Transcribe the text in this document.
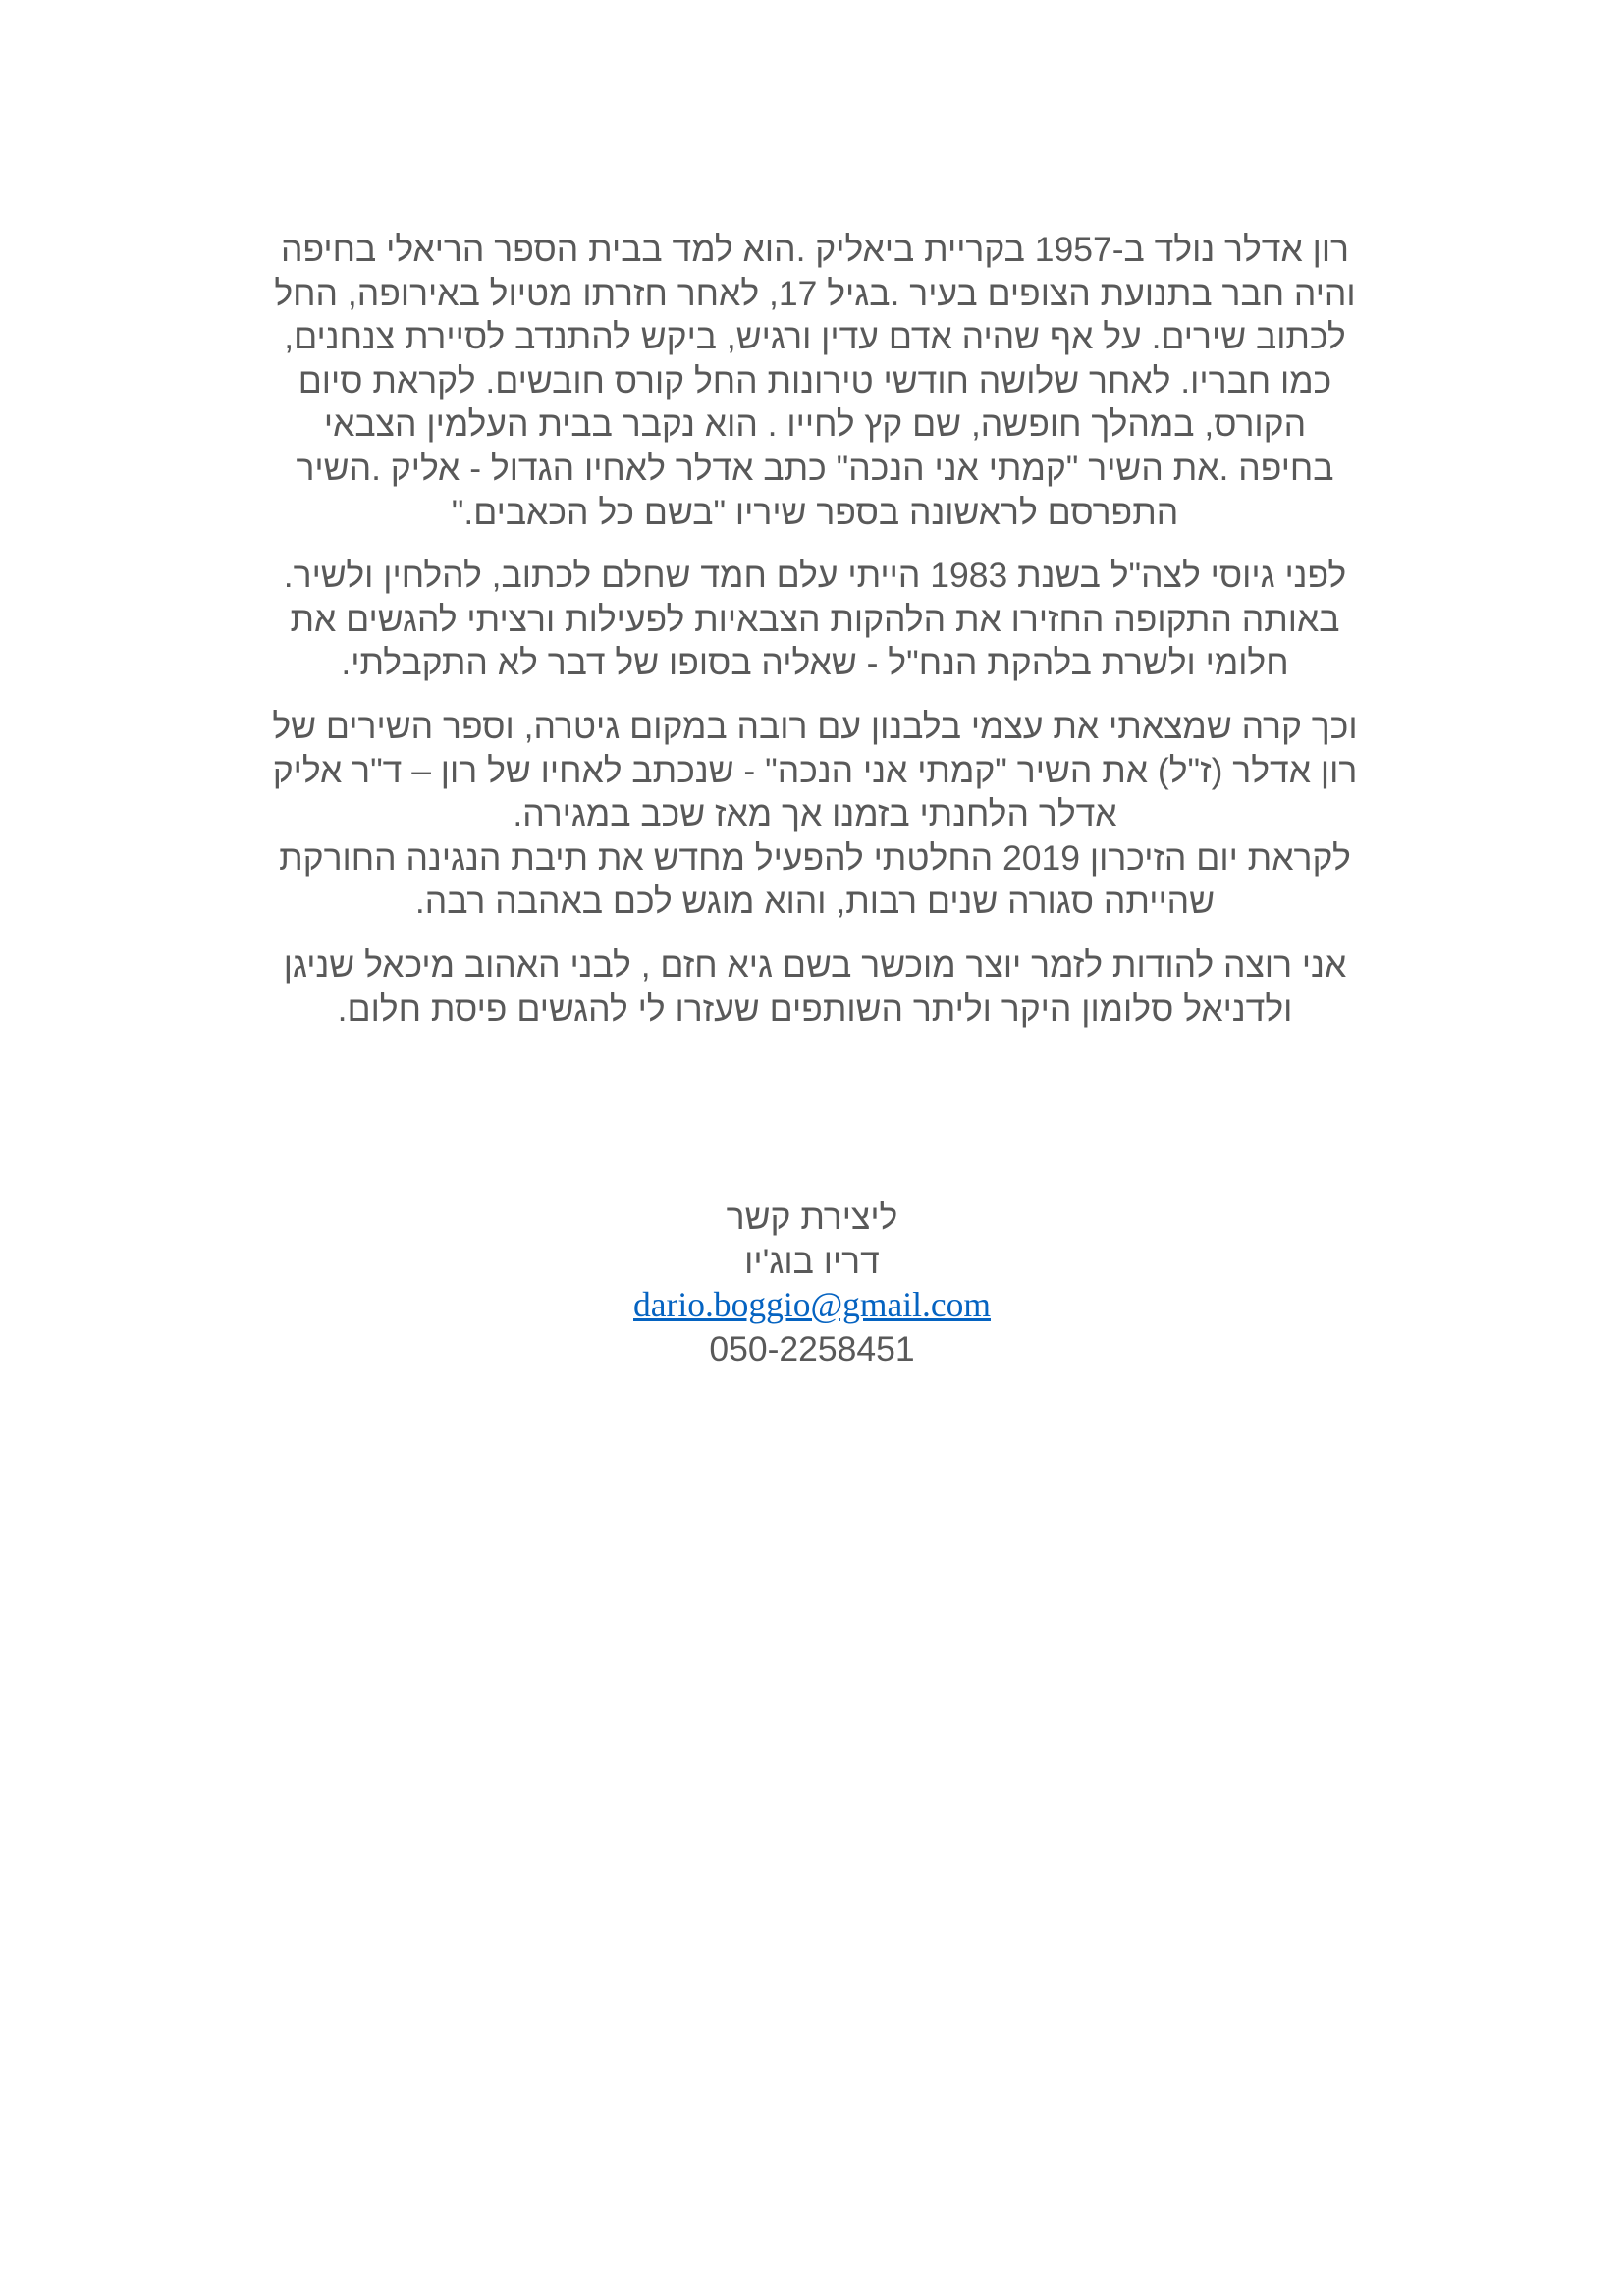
רון אדלר נולד ב-1957 בקריית ביאליק .הוא למד בבית הספר הריאלי בחיפה
והיה חבר בתנועת הצופים בעיר .בגיל 17, לאחר חזרתו מטיול באירופה, החל
לכתוב שירים. על אף שהיה אדם עדין ורגיש, ביקש להתנדב לסיירת צנחנים,
כמו חבריו. לאחר שלושה חודשי טירונות החל קורס חובשים. לקראת סיום
הקורס, במהלך חופשה, שם קץ לחייו . הוא נקבר בבית העלמין הצבאי
בחיפה .את השיר "קמתי אני הנכה" כתב אדלר לאחיו הגדול - אליק .השיר
התפרסם לראשונה בספר שיריו "בשם כל הכאבים."
לפני גיוסי לצה"ל בשנת 1983 הייתי עלם חמד שחלם לכתוב, להלחין ולשיר.
באותה התקופה החזירו את הלהקות הצבאיות לפעילות ורציתי להגשים את
חלומי ולשרת בלהקת הנח"ל - שאליה בסופו של דבר לא התקבלתי.
וכך קרה שמצאתי את עצמי בלבנון עם רובה במקום גיטרה, וספר השירים של
רון אדלר (ז"ל) את השיר "קמתי אני הנכה" - שנכתב לאחיו של רון – ד"ר אליק
אדלר הלחנתי בזמנו אך מאז שכב במגירה.
לקראת יום הזיכרון 2019 החלטתי להפעיל מחדש את תיבת הנגינה החורקת
שהייתה סגורה שנים רבות, והוא מוגש לכם באהבה רבה.
אני רוצה להודות לזמר יוצר מוכשר בשם גיא חזם , לבני האהוב מיכאל שניגן
ולדניאל סלומון היקר וליתר השותפים שעזרו לי להגשים פיסת חלום.
ליצירת קשר
דריו בוג'יו
dario.boggio@gmail.com
050-2258451
